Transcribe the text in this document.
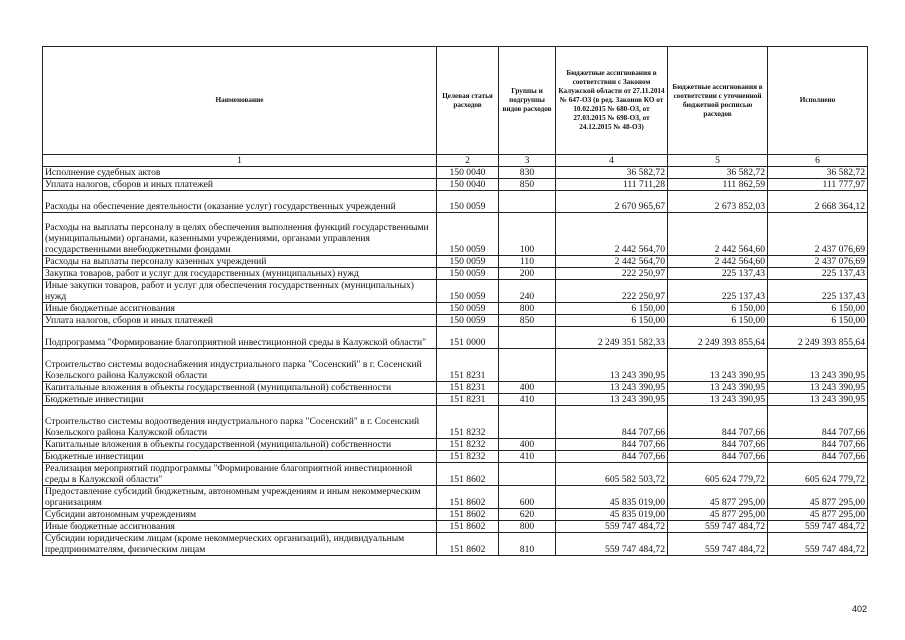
Наименование	Целевая статья расходов	Группы и подгруппы видов расходов	Бюджетные ассигнования в соответствии с Законом Калужской области от 27.11.2014 № 647-ОЗ (в ред. Законов КО от 10.02.2015 № 680-ОЗ, от 27.03.2015 № 698-ОЗ, от 24.12.2015 № 48-ОЗ)	Бюджетные ассигнования в соответствии с уточненной бюджетной росписью расходов	Исполнено
1	2	3	4	5	6
Исполнение судебных актов	150 0040	830	36 582,72	36 582,72	36 582,72
Уплата налогов, сборов и иных платежей	150 0040	850	111 711,28	111 862,59	111 777,97
Расходы на обеспечение деятельности (оказание услуг) государственных учреждений	150 0059		2 670 965,67	2 673 852,03	2 668 364,12
Расходы на выплаты персоналу в целях обеспечения выполнения функций государственными (муниципальными) органами, казенными учреждениями, органами управления государственными внебюджетными фондами	150 0059	100	2 442 564,70	2 442 564,60	2 437 076,69
Расходы на выплаты персоналу казенных учреждений	150 0059	110	2 442 564,70	2 442 564,60	2 437 076,69
Закупка товаров, работ и услуг для государственных (муниципальных) нужд	150 0059	200	222 250,97	225 137,43	225 137,43
Иные закупки товаров, работ и услуг для обеспечения государственных (муниципальных) нужд	150 0059	240	222 250,97	225 137,43	225 137,43
Иные бюджетные ассигнования	150 0059	800	6 150,00	6 150,00	6 150,00
Уплата налогов, сборов и иных платежей	150 0059	850	6 150,00	6 150,00	6 150,00
Подпрограмма "Формирование благоприятной инвестиционной среды в Калужской области"	151 0000		2 249 351 582,33	2 249 393 855,64	2 249 393 855,64
Строительство системы водоснабжения индустриального парка "Сосенский" в г. Сосенский Козельского района Калужской области	151 8231		13 243 390,95	13 243 390,95	13 243 390,95
Капитальные вложения в объекты государственной (муниципальной) собственности	151 8231	400	13 243 390,95	13 243 390,95	13 243 390,95
Бюджетные инвестиции	151 8231	410	13 243 390,95	13 243 390,95	13 243 390,95
Строительство системы водоотведения индустриального парка "Сосенский" в г. Сосенский Козельского района Калужской области	151 8232		844 707,66	844 707,66	844 707,66
Капитальные вложения в объекты государственной (муниципальной) собственности	151 8232	400	844 707,66	844 707,66	844 707,66
Бюджетные инвестиции	151 8232	410	844 707,66	844 707,66	844 707,66
Реализация мероприятий подпрограммы "Формирование благоприятной инвестиционной среды в Калужской области"	151 8602		605 582 503,72	605 624 779,72	605 624 779,72
Предоставление субсидий бюджетным, автономным учреждениям и иным некоммерческим организациям	151 8602	600	45 835 019,00	45 877 295,00	45 877 295,00
Субсидии автономным учреждениям	151 8602	620	45 835 019,00	45 877 295,00	45 877 295,00
Иные бюджетные ассигнования	151 8602	800	559 747 484,72	559 747 484,72	559 747 484,72
Субсидии юридическим лицам (кроме некоммерческих организаций), индивидуальным предпринимателям, физическим лицам	151 8602	810	559 747 484,72	559 747 484,72	559 747 484,72
402
